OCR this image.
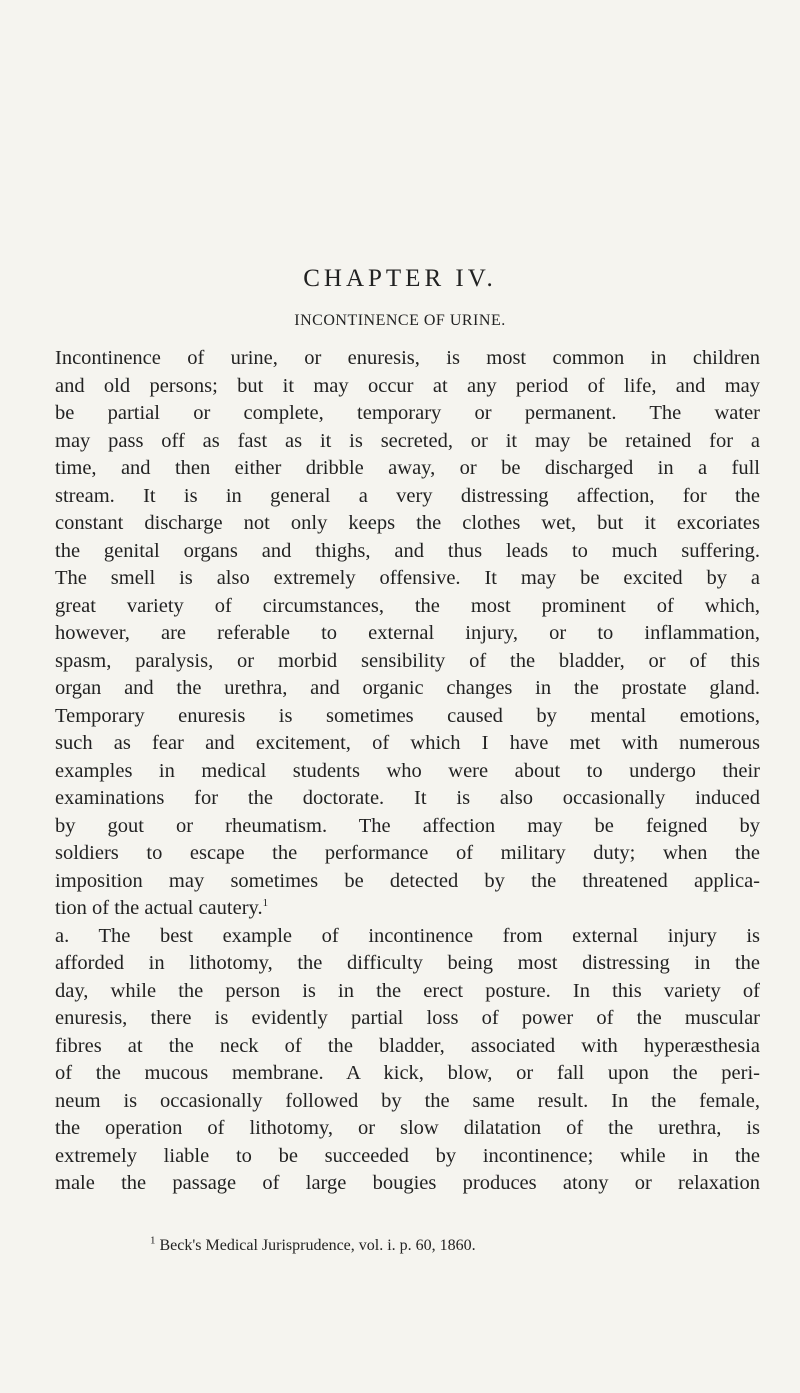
CHAPTER IV.
INCONTINENCE OF URINE.
Incontinence of urine, or enuresis, is most common in children
and old persons; but it may occur at any period of life, and may
be partial or complete, temporary or permanent. The water
may pass off as fast as it is secreted, or it may be retained for a
time, and then either dribble away, or be discharged in a full
stream. It is in general a very distressing affection, for the
constant discharge not only keeps the clothes wet, but it excoriates
the genital organs and thighs, and thus leads to much suffering.
The smell is also extremely offensive. It may be excited by a
great variety of circumstances, the most prominent of which,
however, are referable to external injury, or to inflammation,
spasm, paralysis, or morbid sensibility of the bladder, or of this
organ and the urethra, and organic changes in the prostate gland.
Temporary enuresis is sometimes caused by mental emotions,
such as fear and excitement, of which I have met with numerous
examples in medical students who were about to undergo their
examinations for the doctorate. It is also occasionally induced
by gout or rheumatism. The affection may be feigned by
soldiers to escape the performance of military duty; when the
imposition may sometimes be detected by the threatened applica-
tion of the actual cautery.$^1$
a. The best example of incontinence from external injury is
afforded in lithotomy, the difficulty being most distressing in the
day, while the person is in the erect posture. In this variety of
enuresis, there is evidently partial loss of power of the muscular
fibres at the neck of the bladder, associated with hyperæsthesia
of the mucous membrane. A kick, blow, or fall upon the peri-
neum is occasionally followed by the same result. In the female,
the operation of lithotomy, or slow dilatation of the urethra, is
extremely liable to be succeeded by incontinence; while in the
male the passage of large bougies produces atony or relaxation

$^1$ Beck's Medical Jurisprudence, vol. i. p. 60, 1860.
